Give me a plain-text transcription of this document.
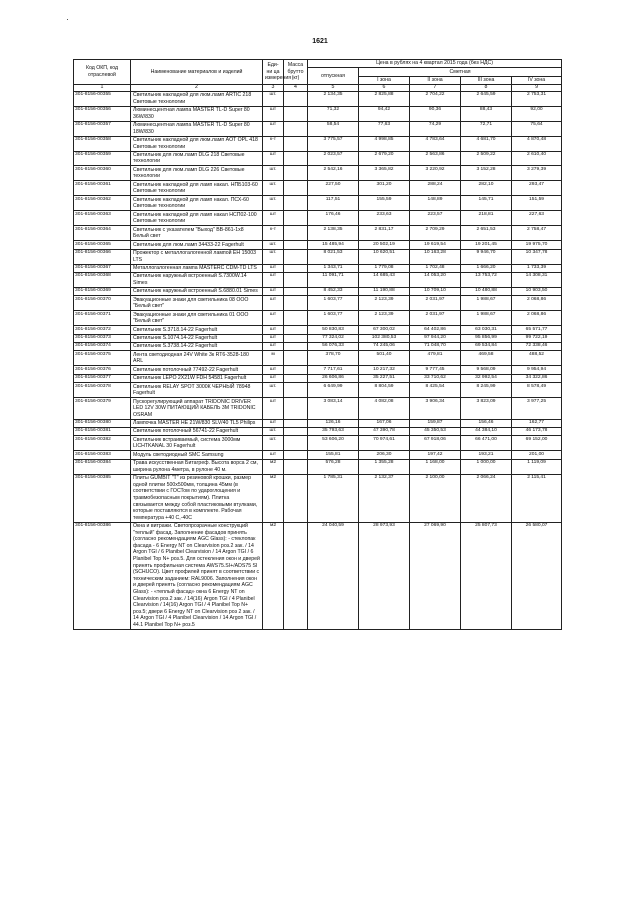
1621
Код ОКП, код отраслевой	Наименование материалов и изделий	Еди-ни ца измерения	Масса брутто (кг)	Цена в рублях на 4 квартал 2015 года (без НДС)				
				отпускная	Сметная			
					I зона	II зона	III зона	IV зона
1	2	3	4	5	6	7	8	9
301-8156-00355	Светильник накладной для люм.ламп ARTIC 218 Световые технологии	шт.		2 134,35	2 825,88	2 704,22	2 645,59	2 753,31
301-8156-00356	Люминесцентная лампа MASTER TL-D Super 80 36W/830	шт		71,32	94,42	90,36	88,43	92,00
301-8156-00357	Люминесцентная лампа MASTER TL-D Super 80 18W/830	шт		58,54	77,63	74,29	72,71	75,64
301-8156-00358	Светильник накладной для люм.ламп AOT OPL 418 Световые технологии	к-т		3 775,57	4 998,85	4 783,64	4 681,70	4 870,48
301-8156-00359	Светильник для люм.ламп DLG 218 Световые технологии	шт		2 023,57	2 679,20	2 563,86	2 509,22	2 610,40
301-8156-00360	Светильник для люм.ламп DLG 226 Световые технологии	шт.		2 542,16	3 365,82	3 220,92	3 152,28	3 279,39
301-8156-00361	Светильник накладной для ламп накал. НПБ103-60 Световые технологии	шт.		227,50	301,20	288,24	282,10	293,47
301-8156-00362	Светильник накладной для ламп накал. ПСХ-60 Световые технологии	шт.		117,51	155,59	148,89	145,71	151,59
301-8156-00363	Светильник накладной для ламп накал НСП02-100 Световые технологии	шт		176,46	233,63	223,57	218,81	227,63
301-8156-00364	Светильник с указателем "Выход" ВВ-861-1х8 Белый свет	к-т		2 138,35	2 831,17	2 709,29	2 651,53	2 758,47
301-8156-00365	Светильник для люм.ламп 34433-22 Fagerhult	шт.		15 485,94	20 502,19	19 619,54	19 201,45	19 975,70
301-8156-00366	Прожектор с металлогалогенной лампой ЕН 15003 LTS	шт.		8 021,53	10 620,51	10 163,28	9 946,70	10 347,78
301-8156-00367	Металлогалогенная лампа MASTERC CDM-TD LTS	шт		1 343,71	1 779,08	1 702,48	1 666,20	1 733,39
301-8156-00368	Светильник наружный встроенный S.7300W.14 Simes	шт		11 091,71	14 685,43	14 053,20	13 753,72	14 308,31
301-8156-00369	Светильник наружный встроенный S.6880.01 Simes	шт		8 452,33	11 190,88	10 709,10	10 480,88	10 903,50
301-8156-00370	Эвакуационные знаки для светильника 08 ООО "Белый свет"	шт		1 603,77	2 123,39	2 031,97	1 988,67	2 068,86
301-8156-00371	Эвакуационные знаки для светильника 01 ООО "Белый свет"	шт		1 603,77	2 123,39	2 031,97	1 988,67	2 068,86
301-8156-00372	Светильник S.3718.14-22 Fagerhult	шт		50 830,83	67 300,02	64 402,86	63 030,31	65 571,77
301-8156-00373	Светильник S.1074.14-22 Fagerhult	шт		77 324,02	102 380,53	97 944,20	95 856,99	99 722,19
301-8156-00374	Светильник S.3738.14-22 Fagerhult	шт		56 076,33	74 245,06	71 048,70	69 534,84	72 338,46
301-8156-00375	Лента светодиодная 24V White 3к RT6-3528-180 ARL	м		378,70	501,40	479,81	469,58	488,52
301-8156-00376	Светильник потолочный 77492-22 Fagerhult	шт		7 717,61	10 217,32	9 777,45	9 568,09	9 954,94
301-8156-00377	Светильник LEPO 2X21W FDH 54581 Fagerhult	шт		26 606,86	35 227,51	33 710,62	32 992,54	34 322,86
301-8156-00378	Светильник RELAY SPOT 3000К ЧЕРНЫЙ 78948 Fagerhult	шт.		6 649,99	8 804,59	8 425,54	8 245,99	8 578,49
301-8156-00379	Пускорегулирующий аппарат TRIDONIC DRIVER LED 12V 30W ПИТАЮЩИЙ КАБЕЛЬ 3М TRIDONIC OSRAM	шт		3 083,14	4 082,08	3 906,34	3 823,09	3 977,25
301-8156-00380	Лампочка MASTER HE 21W/830 SLV/40 TL5 Philips	шт		126,16	167,06	159,87	156,46	162,77
301-8156-00381	Светильник потолочный 56741-22 Fagerhult	шт.		35 793,63	47 390,78	45 350,53	44 384,10	46 173,78
301-8156-00382	Светильник встраиваемый, система 3000мм LICHTKANAL 30 Fagerhult	шт.		53 606,20	70 974,61	67 918,06	66 471,00	69 152,00
301-8156-00383	Модуль светодиодный SMC Samsung	шт		155,81	206,30	197,42	193,21	201,00
301-8156-00384	Трава искусственная Битагреф. Высота ворса 2 см, ширина рулона 4метра, в рулоне 40 м.	м2		576,28	1 355,28	1 168,00	1 000,00	1 119,09
301-8156-00385	Плиты GUMBIT "Т" из резиновой крошки, размер одной плитки 500х500мм, толщина 45мм (в соответствии с ГОСТом по удароглощения и травмобезопасным покрытиям). Плитка связывается между собой пластиковыми втулками, которые поставляются в комплекте. Рабочая температура +40 С,-40С	м2		1 785,31	2 132,37	2 100,00	2 066,24	2 115,41
301-8156-00386	Окна и витражи. Светопрозрачные конструкций "теплый" фасад. Заполнение фасадов принять (согласно рекомендациям AGC Glass): - стеклопак фасада - 6 Energy NT on Clearvision роз.2 зак. / 14 Argon TGI / 6 Planibel Clearvision / 14 Argon TGI / 6 Planibel Top N+ роз.5. Для остекления окон и дверей принять профильная система AWS75.SI+/ADS75 SI (SCHUCO). Цвет профилей принят в соответствии с техническим заданием: RAL9006. Заполнения окон и дверей принять (согласно рекомендациям AGC Glass): - «теплый фасад» окна 6 Energy NT on Clearvision роз.2 зак. / 14(16) Argon TGI / 4 Planibel Clearvision / 14(16) Argon TGI / 4 Planibel Top N+ роз.5; двери 6 Energy NT on Clearvision роз 2 зак. / 14 Argon TGI / 4 Planibel Clearvision / 14 Argon TGI / 44.1 Planibel Top N+ роз.5	м2		24 040,59	28 973,93	27 069,90	25 807,73	26 580,07
